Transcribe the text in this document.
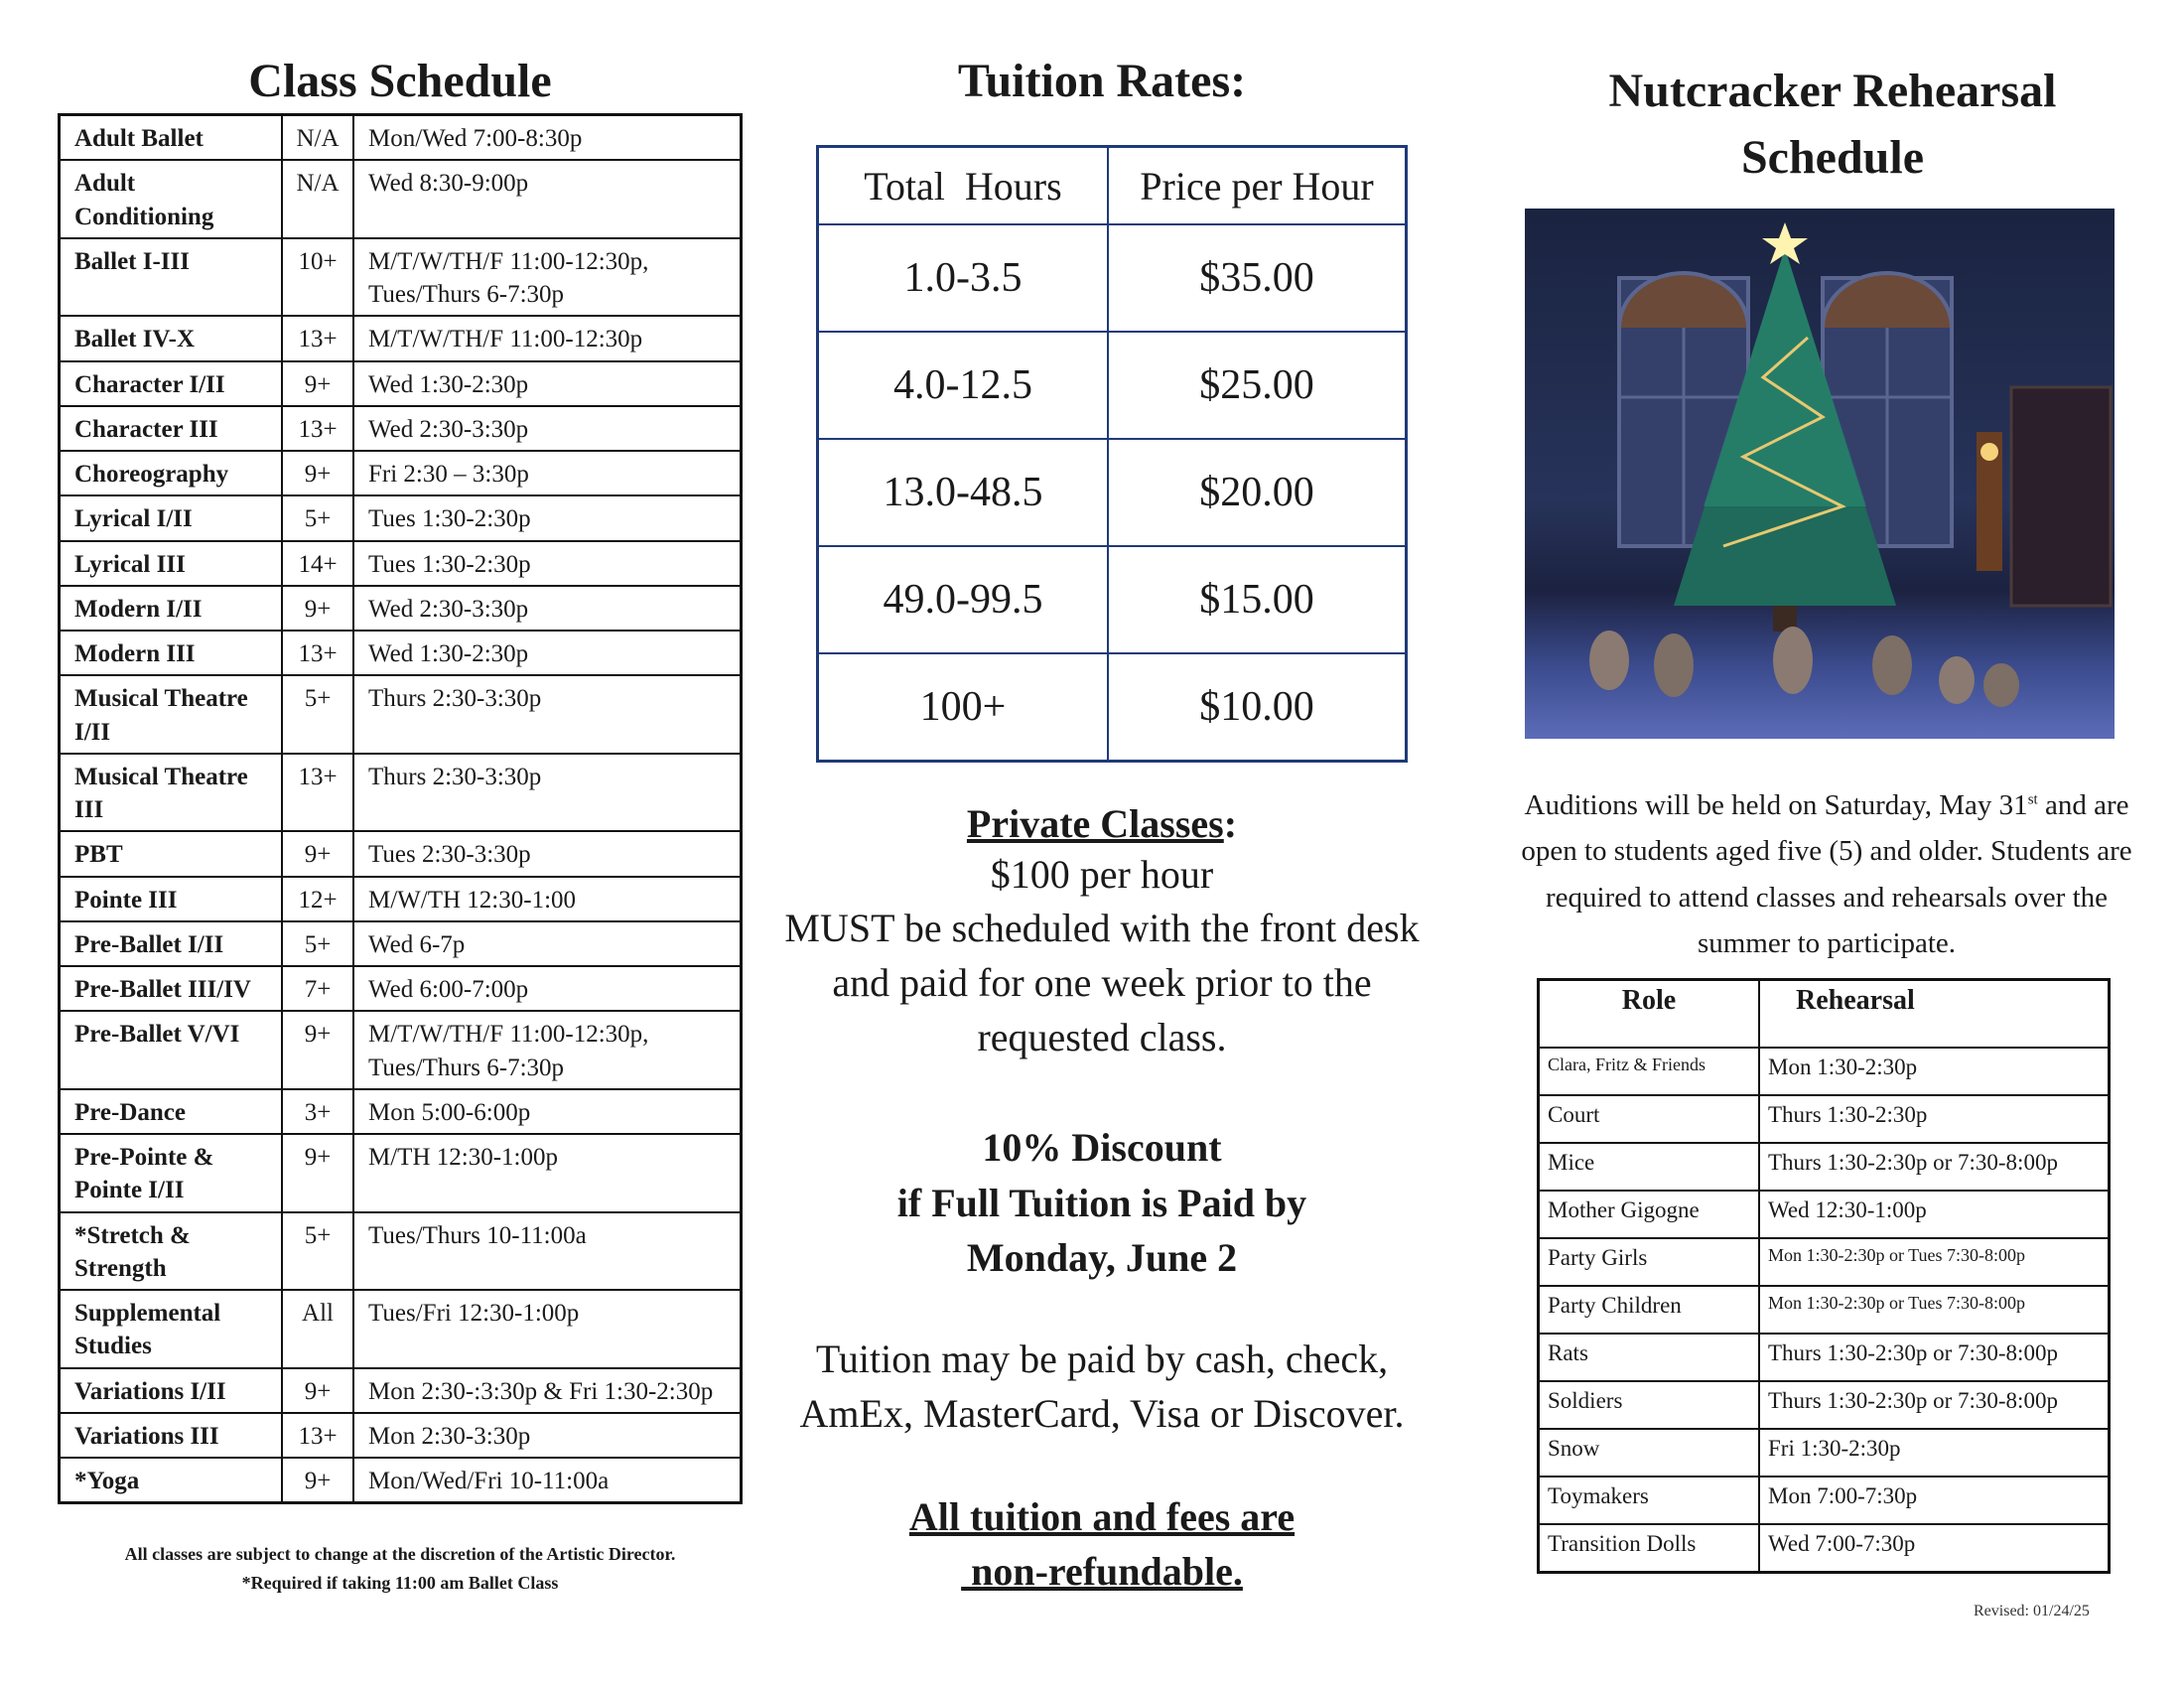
Class Schedule
Adult Ballet	N/A	Mon/Wed 7:00-8:30p
Adult Conditioning	N/A	Wed 8:30-9:00p
Ballet I-III	10+	M/T/W/TH/F 11:00-12:30p, Tues/Thurs 6-7:30p
Ballet IV-X	13+	M/T/W/TH/F 11:00-12:30p
Character I/II	9+	Wed 1:30-2:30p
Character III	13+	Wed 2:30-3:30p
Choreography	9+	Fri 2:30 – 3:30p
Lyrical I/II	5+	Tues 1:30-2:30p
Lyrical III	14+	Tues 1:30-2:30p
Modern I/II	9+	Wed 2:30-3:30p
Modern III	13+	Wed 1:30-2:30p
Musical Theatre I/II	5+	Thurs 2:30-3:30p
Musical Theatre III	13+	Thurs 2:30-3:30p
PBT	9+	Tues 2:30-3:30p
Pointe III	12+	M/W/TH 12:30-1:00
Pre-Ballet I/II	5+	Wed 6-7p
Pre-Ballet III/IV	7+	Wed 6:00-7:00p
Pre-Ballet V/VI	9+	M/T/W/TH/F 11:00-12:30p, Tues/Thurs 6-7:30p
Pre-Dance	3+	Mon 5:00-6:00p
Pre-Pointe & Pointe I/II	9+	M/TH 12:30-1:00p
*Stretch & Strength	5+	Tues/Thurs 10-11:00a
Supplemental Studies	All	Tues/Fri 12:30-1:00p
Variations I/II	9+	Mon 2:30-:3:30p & Fri 1:30-2:30p
Variations III	13+	Mon 2:30-3:30p
*Yoga	9+	Mon/Wed/Fri 10-11:00a
All classes are subject to change at the discretion of the Artistic Director.
*Required if taking 11:00 am Ballet Class
Tuition Rates:
Total  Hours	Price per Hour
1.0-3.5	$35.00
4.0-12.5	$25.00
13.0-48.5	$20.00
49.0-99.5	$15.00
100+	$10.00
Private Classes:
$100 per hour
MUST be scheduled with the front desk and paid for one week prior to the requested class.
10% Discount
if Full Tuition is Paid by
Monday, June 2
Tuition may be paid by cash, check, AmEx, MasterCard, Visa or Discover.
All tuition and fees are
non-refundable.
Nutcracker Rehearsal
Schedule
Auditions will be held on Saturday, May 31st and are open to students aged five (5) and older. Students are required to attend classes and rehearsals over the summer to participate.
Role	Rehearsal
Clara, Fritz & Friends	Mon 1:30-2:30p
Court	Thurs 1:30-2:30p
Mice	Thurs 1:30-2:30p or 7:30-8:00p
Mother Gigogne	Wed 12:30-1:00p
Party Girls	Mon 1:30-2:30p or Tues 7:30-8:00p
Party Children	Mon 1:30-2:30p or Tues 7:30-8:00p
Rats	Thurs 1:30-2:30p or 7:30-8:00p
Soldiers	Thurs 1:30-2:30p or 7:30-8:00p
Snow	Fri 1:30-2:30p
Toymakers	Mon 7:00-7:30p
Transition Dolls	Wed 7:00-7:30p
Revised: 01/24/25
